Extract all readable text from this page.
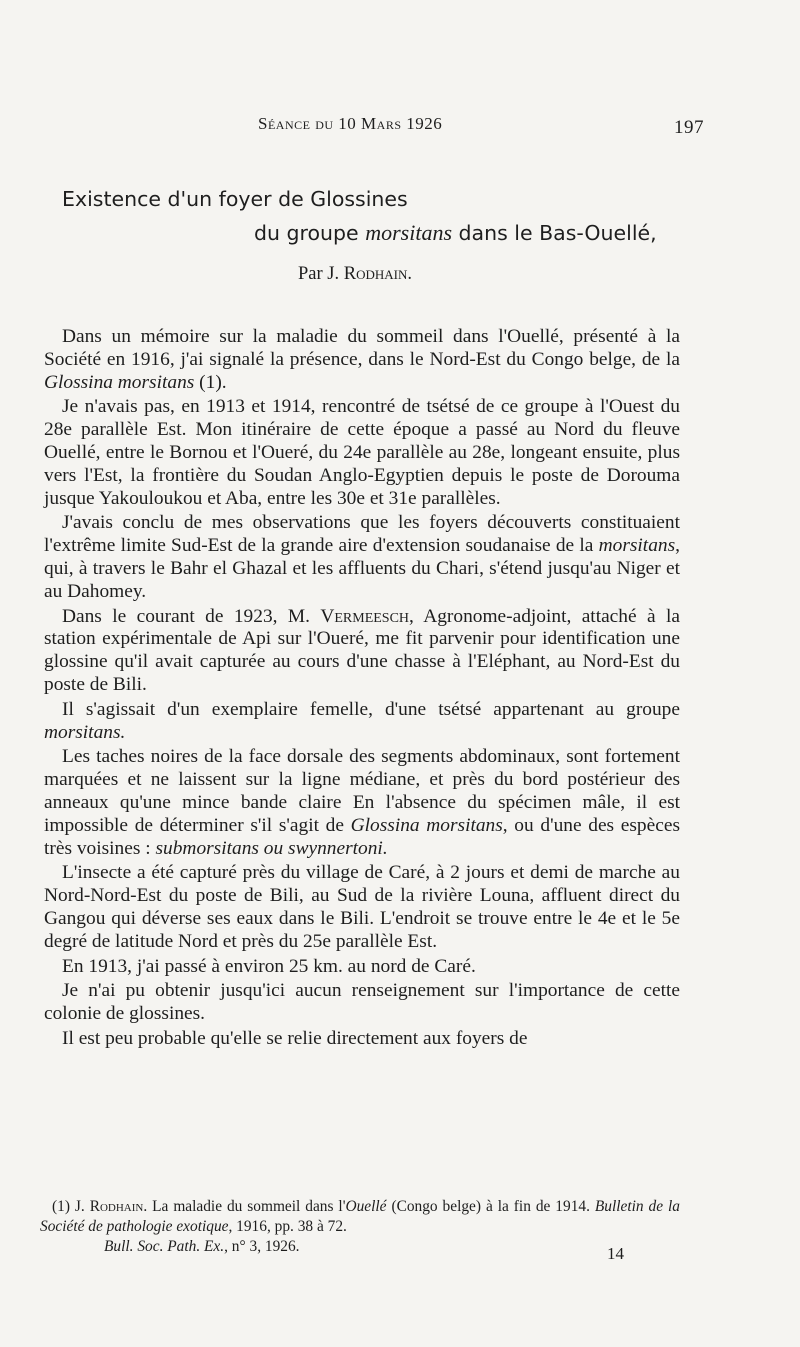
Séance du 10 Mars 1926	197
Existence d'un foyer de Glossines
du groupe morsitans dans le Bas-Ouellé,
Par J. Rodhain.

Dans un mémoire sur la maladie du sommeil dans l'Ouellé, présenté à la Société en 1916, j'ai signalé la présence, dans le Nord-Est du Congo belge, de la Glossina morsitans (1).

Je n'avais pas, en 1913 et 1914, rencontré de tsétsé de ce groupe à l'Ouest du 28e parallèle Est. Mon itinéraire de cette époque a passé au Nord du fleuve Ouellé, entre le Bornou et l'Oueré, du 24e parallèle au 28e, longeant ensuite, plus vers l'Est, la frontière du Soudan Anglo-Egyptien depuis le poste de Dorouma jusque Yakouloukou et Aba, entre les 30e et 31e parallèles.

J'avais conclu de mes observations que les foyers découverts constituaient l'extrême limite Sud-Est de la grande aire d'extension soudanaise de la morsitans, qui, à travers le Bahr el Ghazal et les affluents du Chari, s'étend jusqu'au Niger et au Dahomey.

Dans le courant de 1923, M. Vermeesch, Agronome-adjoint, attaché à la station expérimentale de Api sur l'Oueré, me fit parvenir pour identification une glossine qu'il avait capturée au cours d'une chasse à l'Eléphant, au Nord-Est du poste de Bili.

Il s'agissait d'un exemplaire femelle, d'une tsétsé appartenant au groupe morsitans.

Les taches noires de la face dorsale des segments abdominaux, sont fortement marquées et ne laissent sur la ligne médiane, et près du bord postérieur des anneaux qu'une mince bande claire En l'absence du spécimen mâle, il est impossible de déterminer s'il s'agit de Glossina morsitans, ou d'une des espèces très voisines : submorsitans ou swynnertoni.

L'insecte a été capturé près du village de Caré, à 2 jours et demi de marche au Nord-Nord-Est du poste de Bili, au Sud de la rivière Louna, affluent direct du Gangou qui déverse ses eaux dans le Bili. L'endroit se trouve entre le 4e et le 5e degré de latitude Nord et près du 25e parallèle Est.

En 1913, j'ai passé à environ 25 km. au nord de Caré.

Je n'ai pu obtenir jusqu'ici aucun renseignement sur l'importance de cette colonie de glossines.

Il est peu probable qu'elle se relie directement aux foyers de

(1) J. Rodhain. La maladie du sommeil dans l'Ouellé (Congo belge) à la fin de 1914. Bulletin de la Société de pathologie exotique, 1916, pp. 38 à 72.

Bull. Soc. Path. Ex., n° 3, 1926.	14
